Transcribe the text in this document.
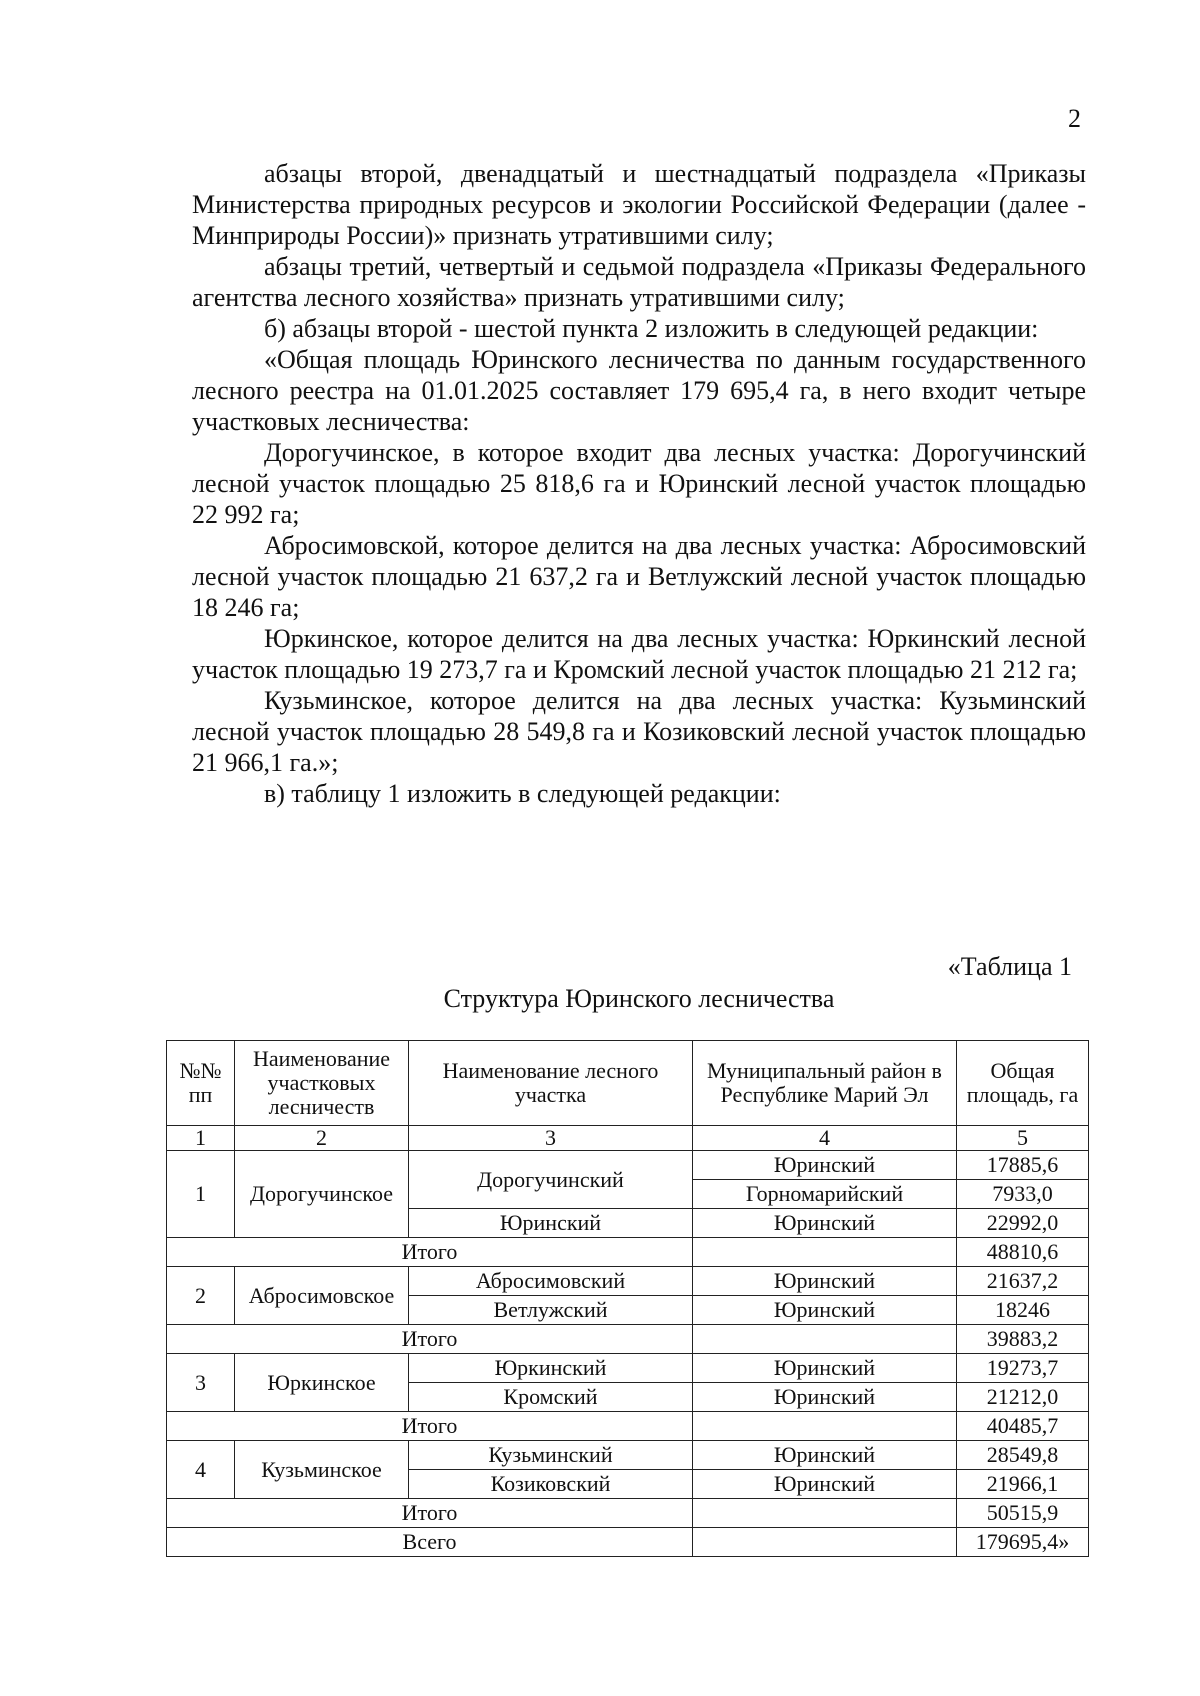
2

абзацы второй, двенадцатый и шестнадцатый подраздела «Приказы Министерства природных ресурсов и экологии Российской Федерации (далее - Минприроды России)» признать утратившими силу;

абзацы третий, четвертый и седьмой подраздела «Приказы Федерального агентства лесного хозяйства» признать утратившими силу;

б) абзацы второй - шестой пункта 2 изложить в следующей редакции:

«Общая площадь Юринского лесничества по данным государственного лесного реестра на 01.01.2025 составляет 179 695,4 га, в него входит четыре участковых лесничества:

Дорогучинское, в которое входит два лесных участка: Дорогучинский лесной участок площадью 25 818,6 га и Юринский лесной участок площадью 22 992 га;

Абросимовской, которое делится на два лесных участка: Абросимовский лесной участок площадью 21 637,2 га и Ветлужский лесной участок площадью 18 246 га;

Юркинское, которое делится на два лесных участка: Юркинский лесной участок площадью 19 273,7 га и Кромский лесной участок площадью 21 212 га;

Кузьминское, которое делится на два лесных участка: Кузьминский лесной участок площадью 28 549,8 га и Козиковский лесной участок площадью 21 966,1 га.»;

в) таблицу 1 изложить в следующей редакции:

«Таблица 1
Структура Юринского лесничества
№№ пп	Наименование участковых лесничеств	Наименование лесного участка	Муниципальный район в Республике Марий Эл	Общая площадь, га
1	2	3	4	5
1	Дорогучинское	Дорогучинский	Юринский	17885,6
			Горномарийский	7933,0
		Юринский	Юринский	22992,0
Итого				48810,6
2	Абросимовское	Абросимовский	Юринский	21637,2
		Ветлужский	Юринский	18246
Итого				39883,2
3	Юркинское	Юркинский	Юринский	19273,7
		Кромский	Юринский	21212,0
Итого				40485,7
4	Кузьминское	Кузьминский	Юринский	28549,8
		Козиковский	Юринский	21966,1
Итого				50515,9
Всего				179695,4»
